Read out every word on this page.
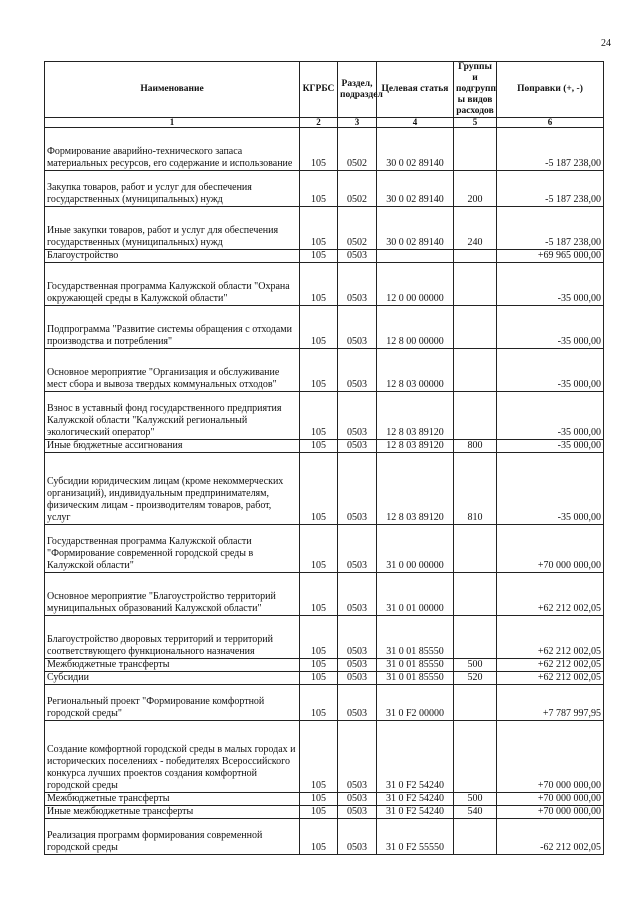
24
Наименование	КГРБС	Раздел, подраздел	Целевая статья	Группы и подгрупп ы видов расходов	Поправки (+, -)
1	2	3	4	5	6
Формирование аварийно-технического запаса материальных ресурсов, его содержание и использование	105	0502	30 0 02 89140		-5 187 238,00
Закупка товаров, работ и услуг для обеспечения государственных (муниципальных) нужд	105	0502	30 0 02 89140	200	-5 187 238,00
Иные закупки товаров, работ и услуг для обеспечения государственных (муниципальных) нужд	105	0502	30 0 02 89140	240	-5 187 238,00
Благоустройство	105	0503			+69 965 000,00
Государственная программа Калужской области "Охрана окружающей среды в Калужской области"	105	0503	12 0 00 00000		-35 000,00
Подпрограмма "Развитие системы обращения с отходами производства и потребления"	105	0503	12 8 00 00000		-35 000,00
Основное мероприятие "Организация и обслуживание мест сбора и вывоза твердых коммунальных отходов"	105	0503	12 8 03 00000		-35 000,00
Взнос в уставный фонд государственного предприятия Калужской области "Калужский региональный экологический оператор"	105	0503	12 8 03 89120		-35 000,00
Иные бюджетные ассигнования	105	0503	12 8 03 89120	800	-35 000,00
Субсидии юридическим лицам (кроме некоммерческих организаций), индивидуальным предпринимателям, физическим лицам - производителям товаров, работ, услуг	105	0503	12 8 03 89120	810	-35 000,00
Государственная программа Калужской области "Формирование современной городской среды в Калужской области"	105	0503	31 0 00 00000		+70 000 000,00
Основное мероприятие "Благоустройство территорий муниципальных образований Калужской области"	105	0503	31 0 01 00000		+62 212 002,05
Благоустройство дворовых территорий и территорий соответствующего функционального назначения	105	0503	31 0 01 85550		+62 212 002,05
Межбюджетные трансферты	105	0503	31 0 01 85550	500	+62 212 002,05
Субсидии	105	0503	31 0 01 85550	520	+62 212 002,05
Региональный проект "Формирование комфортной городской среды"	105	0503	31 0 F2 00000		+7 787 997,95
Создание комфортной городской среды в малых городах и исторических поселениях - победителях Всероссийского конкурса лучших проектов создания комфортной городской среды	105	0503	31 0 F2 54240		+70 000 000,00
Межбюджетные трансферты	105	0503	31 0 F2 54240	500	+70 000 000,00
Иные межбюджетные трансферты	105	0503	31 0 F2 54240	540	+70 000 000,00
Реализация программ формирования современной городской среды	105	0503	31 0 F2 55550		-62 212 002,05
